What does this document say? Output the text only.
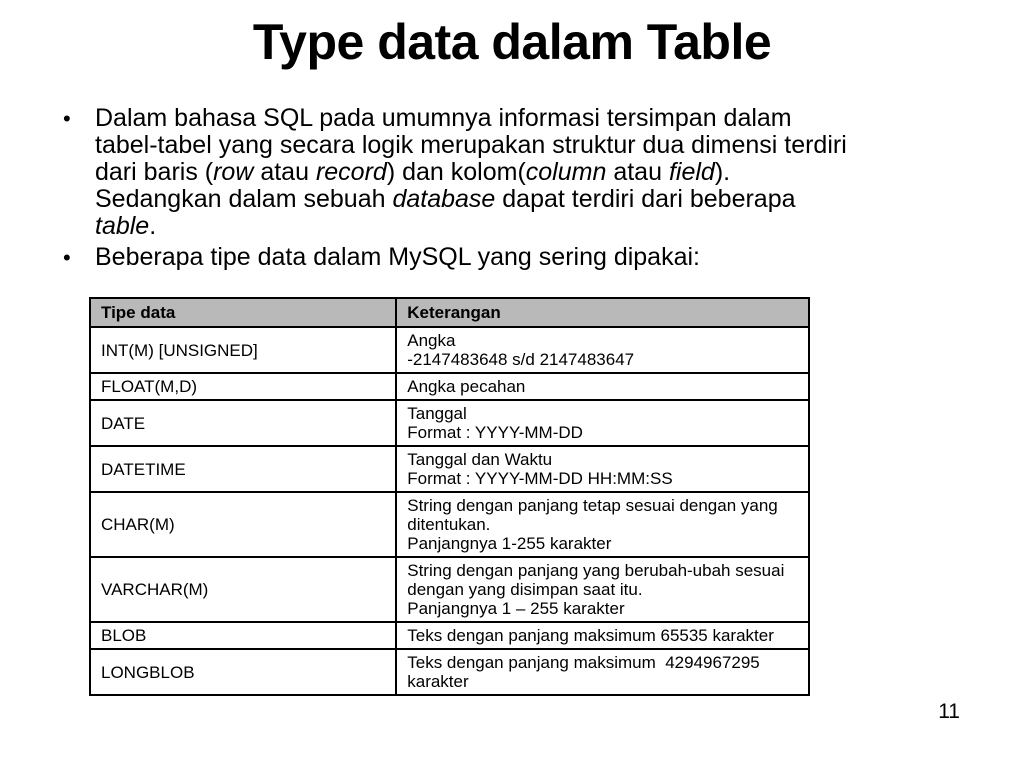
Type data dalam Table
• Dalam bahasa SQL pada umumnya informasi tersimpan dalam
tabel-tabel yang secara logik merupakan struktur dua dimensi terdiri
dari baris (row atau record) dan kolom(column atau field).
Sedangkan dalam sebuah database dapat terdiri dari beberapa
table.
• Beberapa tipe data dalam MySQL yang sering dipakai:
Tipe data	Keterangan
INT(M) [UNSIGNED]	Angka
-2147483648 s/d 2147483647
FLOAT(M,D)	Angka pecahan
DATE	Tanggal
Format : YYYY-MM-DD
DATETIME	Tanggal dan Waktu
Format : YYYY-MM-DD HH:MM:SS
CHAR(M)	String dengan panjang tetap sesuai dengan yang
ditentukan.
Panjangnya 1-255 karakter
VARCHAR(M)	String dengan panjang yang berubah-ubah sesuai
dengan yang disimpan saat itu.
Panjangnya 1 – 255 karakter
BLOB	Teks dengan panjang maksimum 65535 karakter
LONGBLOB	Teks dengan panjang maksimum  4294967295
karakter
11
